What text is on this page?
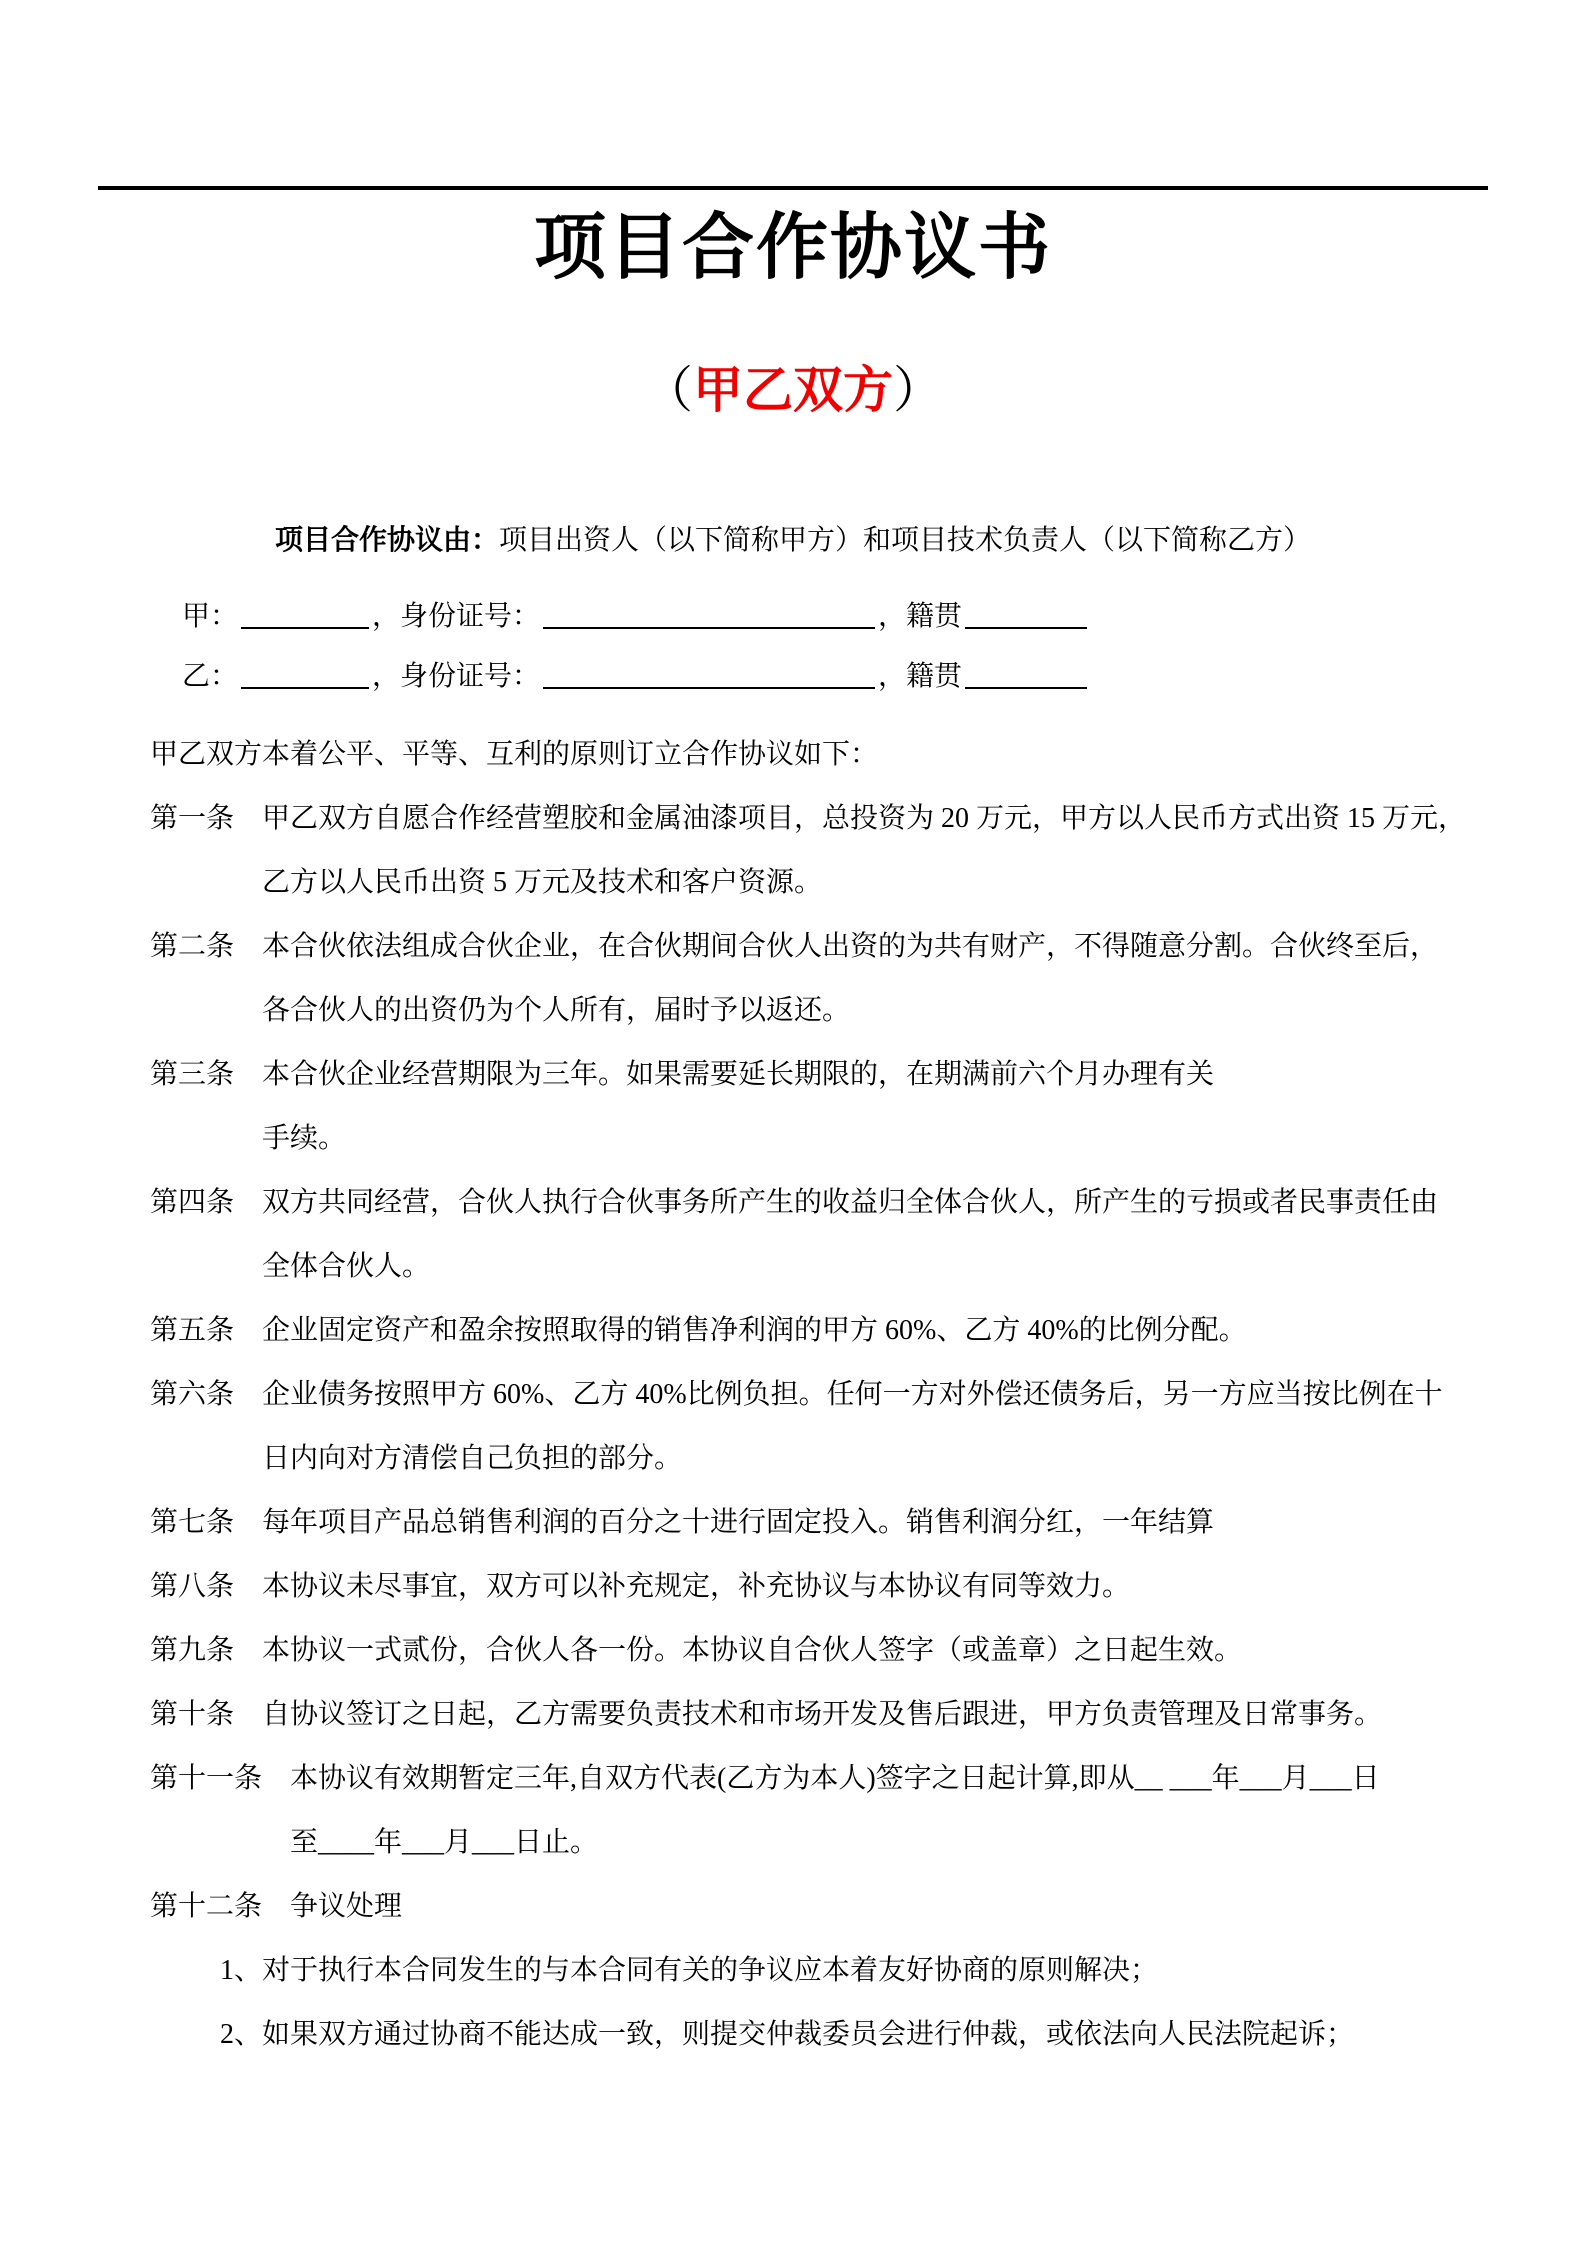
项目合作协议书
（甲乙双方）
项目合作协议由：项目出资人（以下简称甲方）和项目技术负责人（以下简称乙方）
甲：	，身份证号：	，籍贯
乙：	，身份证号：	，籍贯
甲乙双方本着公平、平等、互利的原则订立合作协议如下：
第一条 甲乙双方自愿合作经营塑胶和金属油漆项目，总投资为 20 万元，甲方以人民币方式出资 15 万元，
乙方以人民币出资 5 万元及技术和客户资源。
第二条 本合伙依法组成合伙企业，在合伙期间合伙人出资的为共有财产，不得随意分割。合伙终至后，
各合伙人的出资仍为个人所有，届时予以返还。
第三条 本合伙企业经营期限为三年。如果需要延长期限的，在期满前六个月办理有关
手续。
第四条 双方共同经营，合伙人执行合伙事务所产生的收益归全体合伙人，所产生的亏损或者民事责任由
全体合伙人。
第五条 企业固定资产和盈余按照取得的销售净利润的甲方 60%、乙方 40%的比例分配。
第六条 企业债务按照甲方 60%、乙方 40%比例负担。任何一方对外偿还债务后，另一方应当按比例在十
日内向对方清偿自己负担的部分。
第七条 每年项目产品总销售利润的百分之十进行固定投入。销售利润分红，一年结算
第八条 本协议未尽事宜，双方可以补充规定，补充协议与本协议有同等效力。
第九条 本协议一式贰份，合伙人各一份。本协议自合伙人签字（或盖章）之日起生效。
第十条 自协议签订之日起，乙方需要负责技术和市场开发及售后跟进，甲方负责管理及日常事务。
第十一条 本协议有效期暂定三年,自双方代表(乙方为本人)签字之日起计算,即从__ ___年___月___日
至____年___月___日止。
第十二条 争议处理
1、对于执行本合同发生的与本合同有关的争议应本着友好协商的原则解决；
2、如果双方通过协商不能达成一致，则提交仲裁委员会进行仲裁，或依法向人民法院起诉；
